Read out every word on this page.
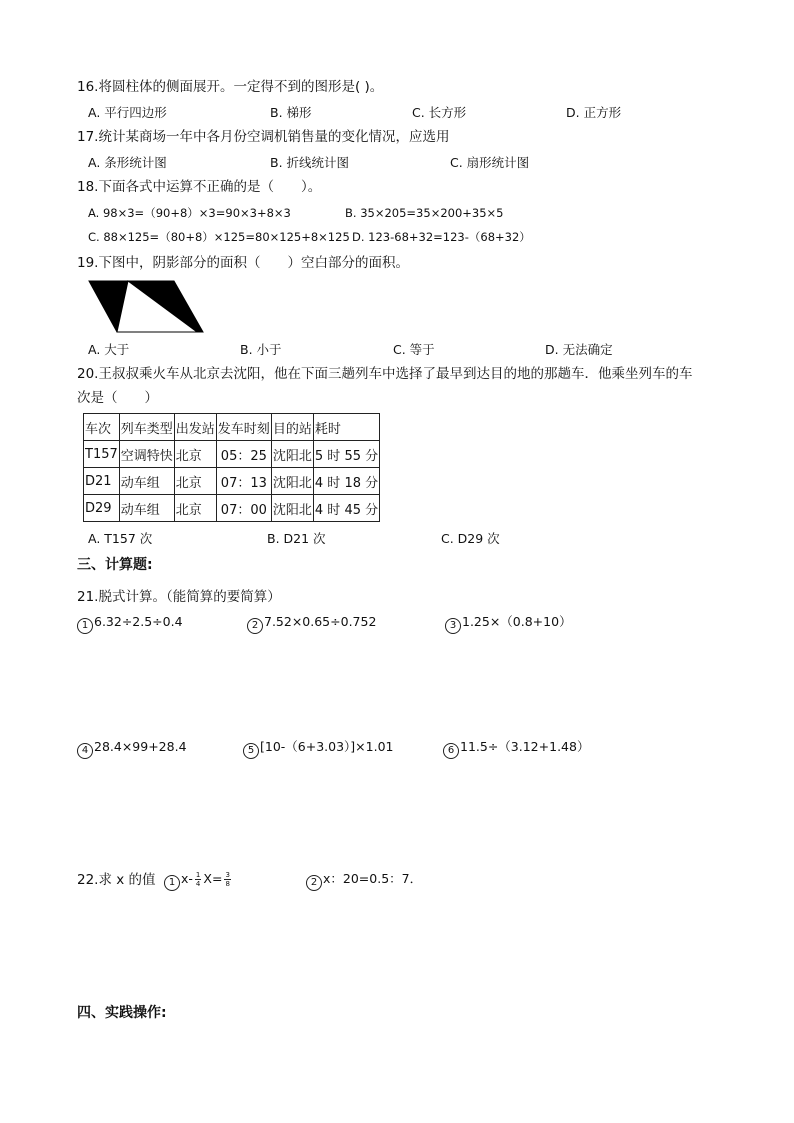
16.将圆柱体的侧面展开。一定得不到的图形是( )。
A. 平行四边形	B. 梯形	C. 长方形	D. 正方形
17.统计某商场一年中各月份空调机销售量的变化情况，应选用
A. 条形统计图	B. 折线统计图	C. 扇形统计图
18.下面各式中运算不正确的是（　　）。
A. 98×3=（90+8）×3=90×3+8×3	B. 35×205=35×200+35×5
C. 88×125=（80+8）×125=80×125+8×125 D. 123-68+32=123-（68+32）
19.下图中，阴影部分的面积（　　）空白部分的面积。
A. 大于	B. 小于	C. 等于	D. 无法确定
20.王叔叔乘火车从北京去沈阳，他在下面三趟列车中选择了最早到达目的地的那趟车．他乘坐列车的车
次是（　　）
车次	列车类型	出发站	发车时刻	目的站	耗时
T157	空调特快	北京	05：25	沈阳北	5 时 55 分
D21	动车组	北京	07：13	沈阳北	4 时 18 分
D29	动车组	北京	07：00	沈阳北	4 时 45 分
A. T157 次	B. D21 次	C. D29 次
三、计算题:
21.脱式计算。（能简算的要简算）
1 6.32÷2.5÷0.4	2 7.52×0.65÷0.752	3 1.25×（0.8+10）
4 28.4×99+28.4	5 [10-（6+3.03）]×1.01	6 11.5÷（3.12+1.48）
22.求 x 的值	1 $x- \frac{1}{4} X= \frac{3}{8}$	2 x：20=0.5：7．
四、实践操作:
